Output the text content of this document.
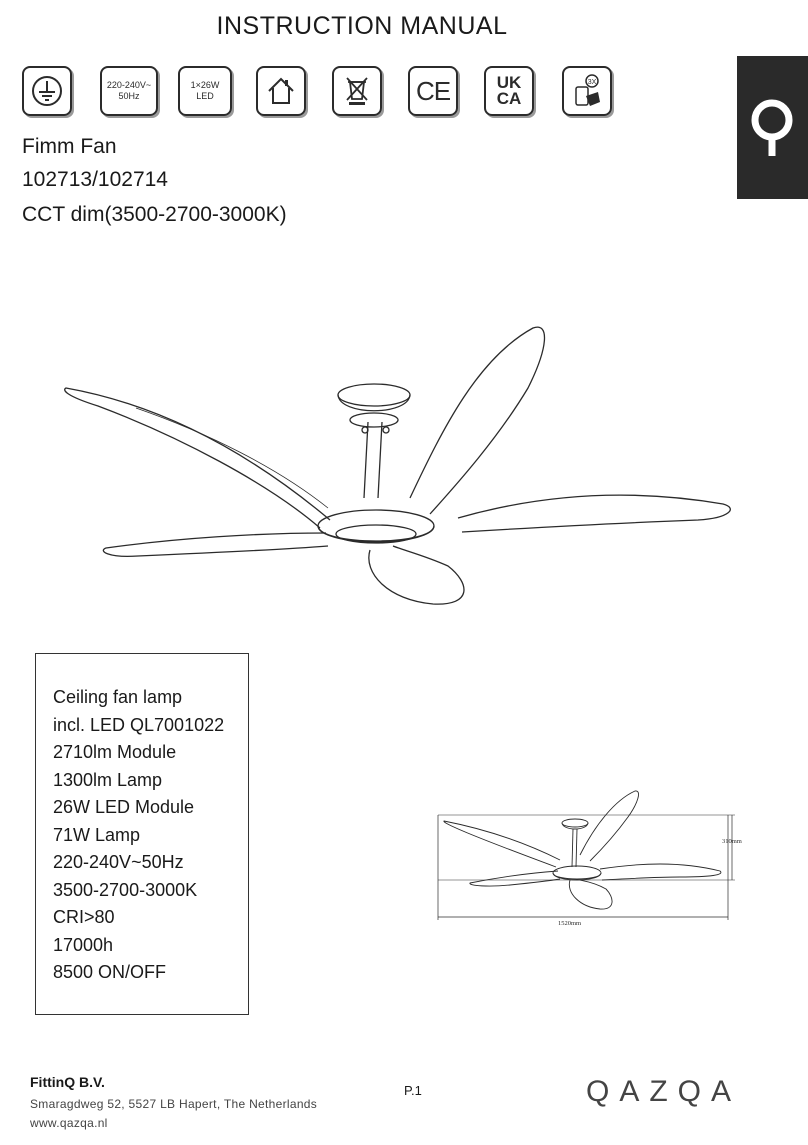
INSTRUCTION MANUAL
220-240V~
50Hz
1×26W
LED	CE	UK
CA
3X
Fimm Fan
102713/102714
CCT dim(3500-2700-3000K)
Ceiling fan lamp
incl. LED QL7001022
2710lm Module
1300lm Lamp
26W LED Module
71W Lamp
220-240V~50Hz
3500-2700-3000K
CRI>80
17000h
8500 ON/OFF
310mm
1520mm
FittinQ B.V.
Smaragdweg 52, 5527 LB Hapert, The Netherlands
www.qazqa.nl
P.1	QAZQA
